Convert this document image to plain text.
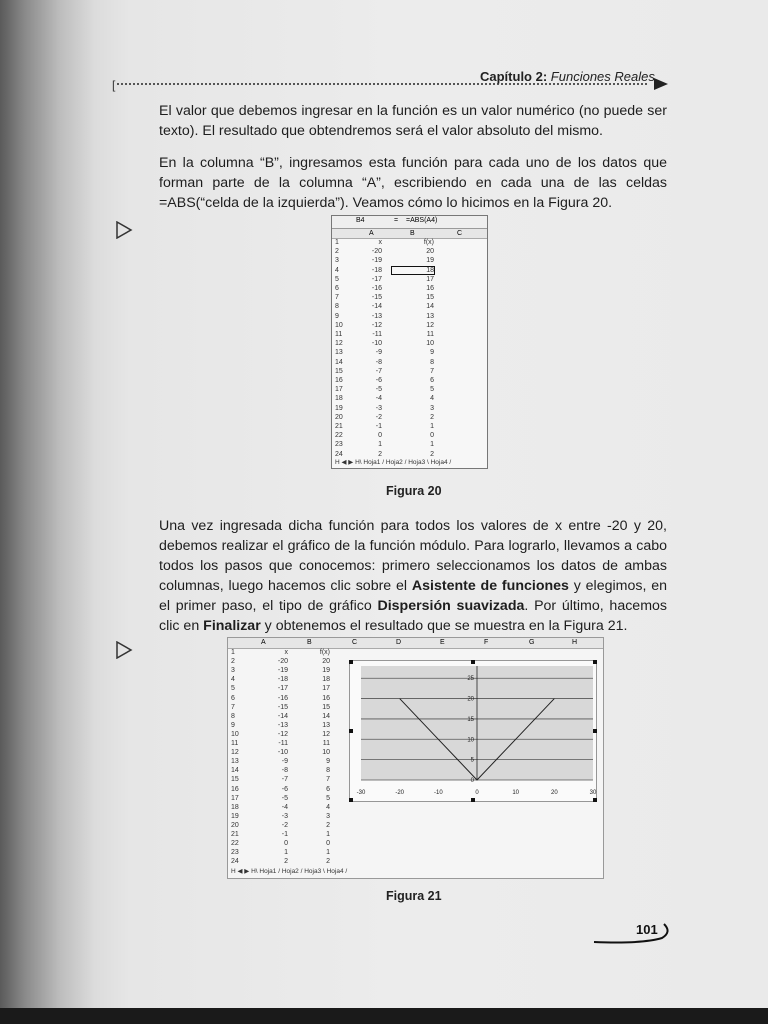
[
Capítulo 2: Funciones Reales
El valor que debemos ingresar en la función es un valor numérico (no puede ser texto). El resultado que obtendremos será el valor absoluto del mismo.
En la columna “B”, ingresamos esta función para cada uno de los datos que forman parte de la columna “A”, escribiendo en cada una de las celdas =ABS(“celda de la izquierda”). Veamos cómo lo hicimos en la Figura 20.
B4	= =ABS(A4)
A	B	C
1	x	f(x)
2	-20	20
3	-19	19
4	-18	18
5	-17	17
6	-16	16
7	-15	15
8	-14	14
9	-13	13
10	-12	12
11	-11	11
12	-10	10
13	-9	9
14	-8	8
15	-7	7
16	-6	6
17	-5	5
18	-4	4
19	-3	3
20	-2	2
21	-1	1
22	0	0
23	1	1
24	2	2
H ◀ ▶ H\ Hoja1 / Hoja2 / Hoja3 \ Hoja4 /
Figura 20
Una vez ingresada dicha función para todos los valores de x entre -20 y 20, debemos realizar el gráfico de la función módulo. Para lograrlo, llevamos a cabo todos los pasos que conocemos: primero seleccionamos los datos de ambas columnas, luego hacemos clic sobre el Asistente de funciones y elegimos, en el primer paso, el tipo de gráfico Dispersión suavizada. Por último, hacemos clic en Finalizar y obtenemos el resultado que se muestra en la Figura 21.
A	B	C	D	E	F	G	H
1	x	f(x)
2	-20	20
3	-19	19
4	-18	18
5	-17	17
6	-16	16
7	-15	15
8	-14	14
9	-13	13
10	-12	12
11	-11	11
12	-10	10
13	-9	9
14	-8	8
15	-7	7
16	-6	6
17	-5	5
18	-4	4
19	-3	3
20	-2	2
21	-1	1
22	0	0
23	1	1
24	2	2
H ◀ ▶ H\ Hoja1 / Hoja2 / Hoja3 \ Hoja4 /
0
5
10
15
20
25
-30	-20	-10	0	10	20	30
Figura 21
101
